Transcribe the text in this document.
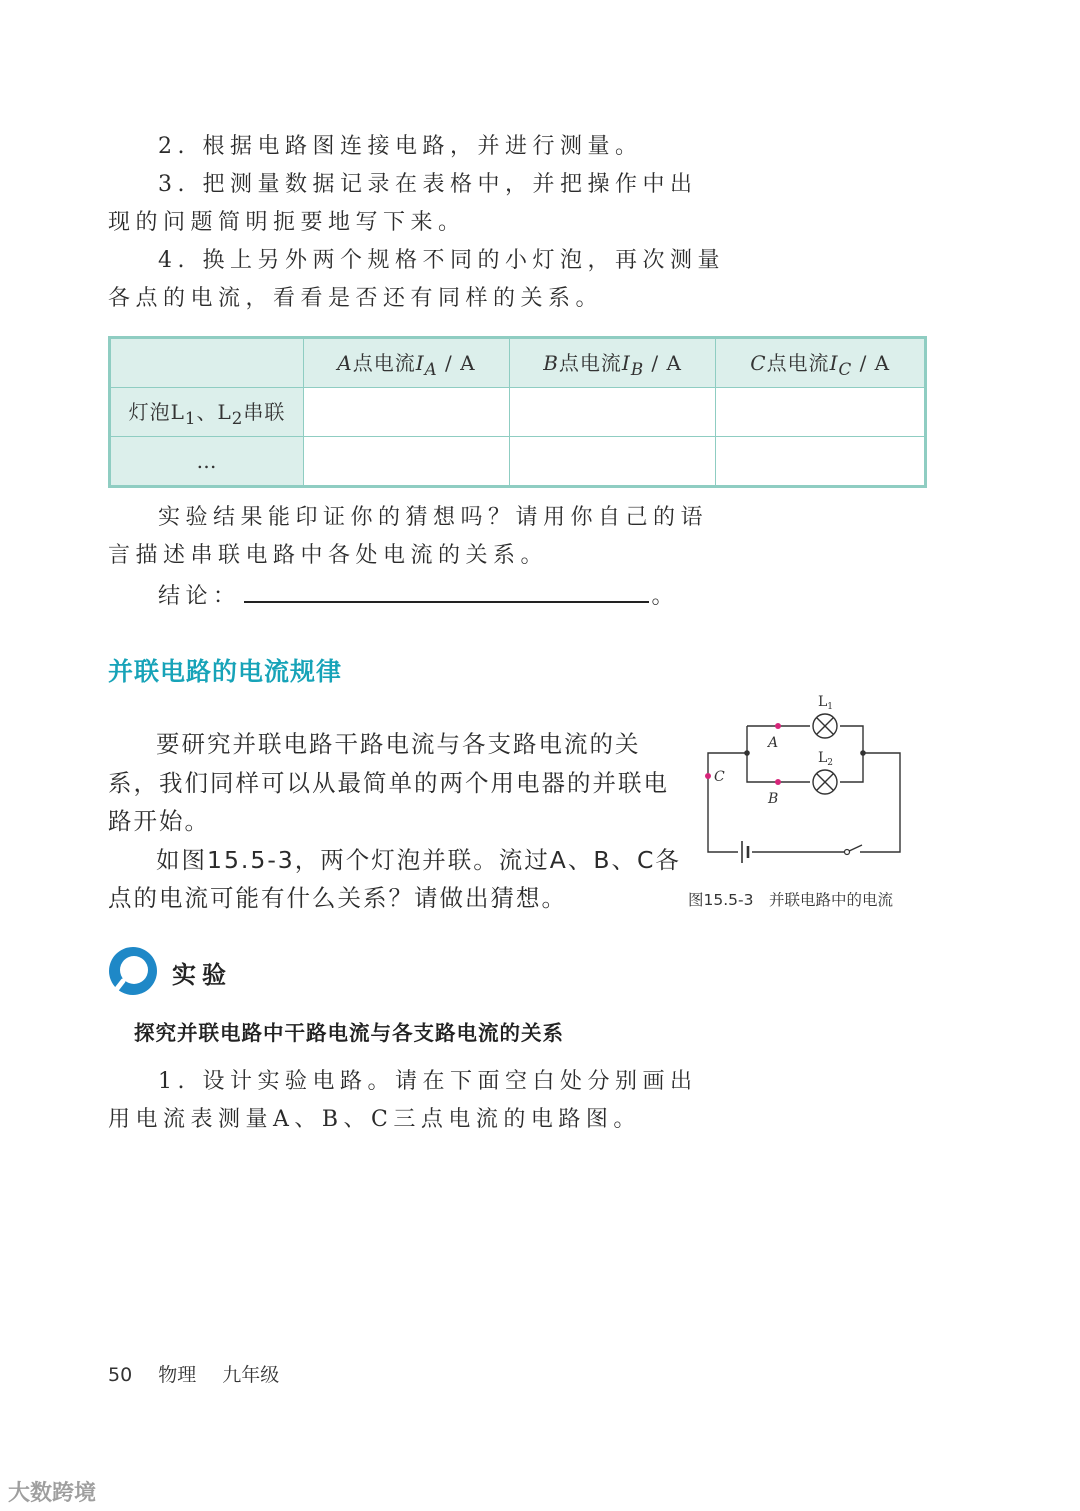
2. 根据电路图连接电路，并进行测量。
3. 把测量数据记录在表格中，并把操作中出
现的问题简明扼要地写下来。
4. 换上另外两个规格不同的小灯泡，再次测量
各点的电流，看看是否还有同样的关系。
	A点电流$I_A$ / A	B点电流$I_B$ / A	C点电流$I_C$ / A
灯泡$L_1$、$L_2$串联			
…			
实验结果能印证你的猜想吗？请用你自己的语
言描述串联电路中各处电流的关系。
结论：	。
并联电路的电流规律
要研究并联电路干路电流与各支路电流的关
系，我们同样可以从最简单的两个用电器的并联电
路开始。
如图15.5-3，两个灯泡并联。流过A、B、C各
点的电流可能有什么关系？请做出猜想。
$L_1$
$L_2$
A
B
C
图15.5-3　并联电路中的电流
实验
探究并联电路中干路电流与各支路电流的关系
1. 设计实验电路。请在下面空白处分别画出
用电流表测量A、B、C三点电流的电路图。
50 物理 九年级
大数跨境
